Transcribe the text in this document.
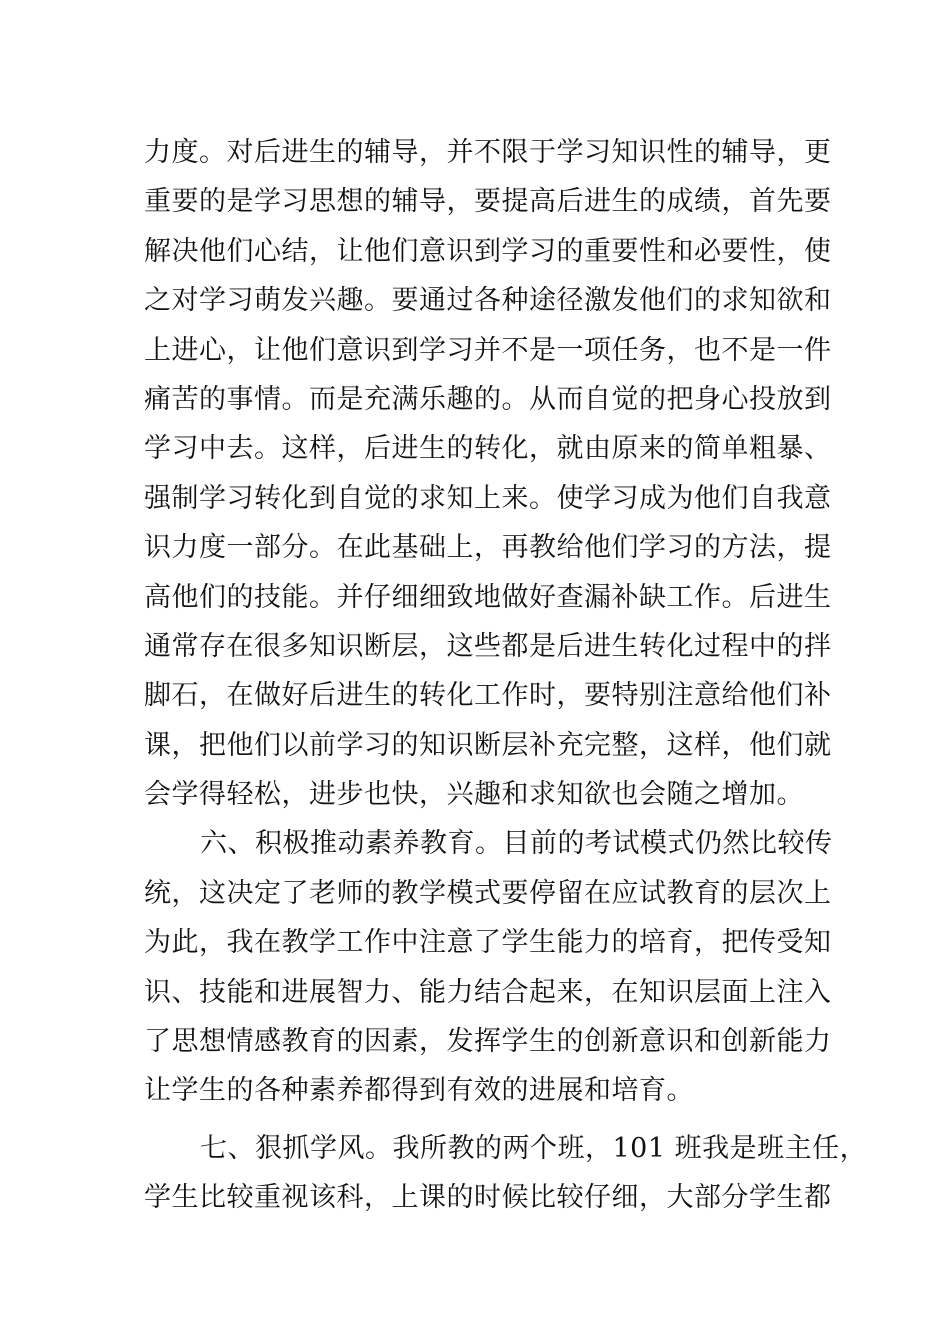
力度。对后进生的辅导，并不限于学习知识性的辅导，更
重要的是学习思想的辅导，要提高后进生的成绩，首先要
解决他们心结，让他们意识到学习的重要性和必要性，使
之对学习萌发兴趣。要通过各种途径激发他们的求知欲和
上进心，让他们意识到学习并不是一项任务，也不是一件
痛苦的事情。而是充满乐趣的。从而自觉的把身心投放到
学习中去。这样，后进生的转化，就由原来的简单粗暴、
强制学习转化到自觉的求知上来。使学习成为他们自我意
识力度一部分。在此基础上，再教给他们学习的方法，提
高他们的技能。并仔细细致地做好查漏补缺工作。后进生
通常存在很多知识断层，这些都是后进生转化过程中的拌
脚石，在做好后进生的转化工作时，要特别注意给他们补
课，把他们以前学习的知识断层补充完整，这样，他们就
会学得轻松，进步也快，兴趣和求知欲也会随之增加。
六、积极推动素养教育。目前的考试模式仍然比较传
统，这决定了老师的教学模式要停留在应试教育的层次上
为此，我在教学工作中注意了学生能力的培育，把传受知
识、技能和进展智力、能力结合起来，在知识层面上注入
了思想情感教育的因素，发挥学生的创新意识和创新能力
让学生的各种素养都得到有效的进展和培育。
七、狠抓学风。我所教的两个班，101 班我是班主任，
学生比较重视该科，上课的时候比较仔细，大部分学生都
